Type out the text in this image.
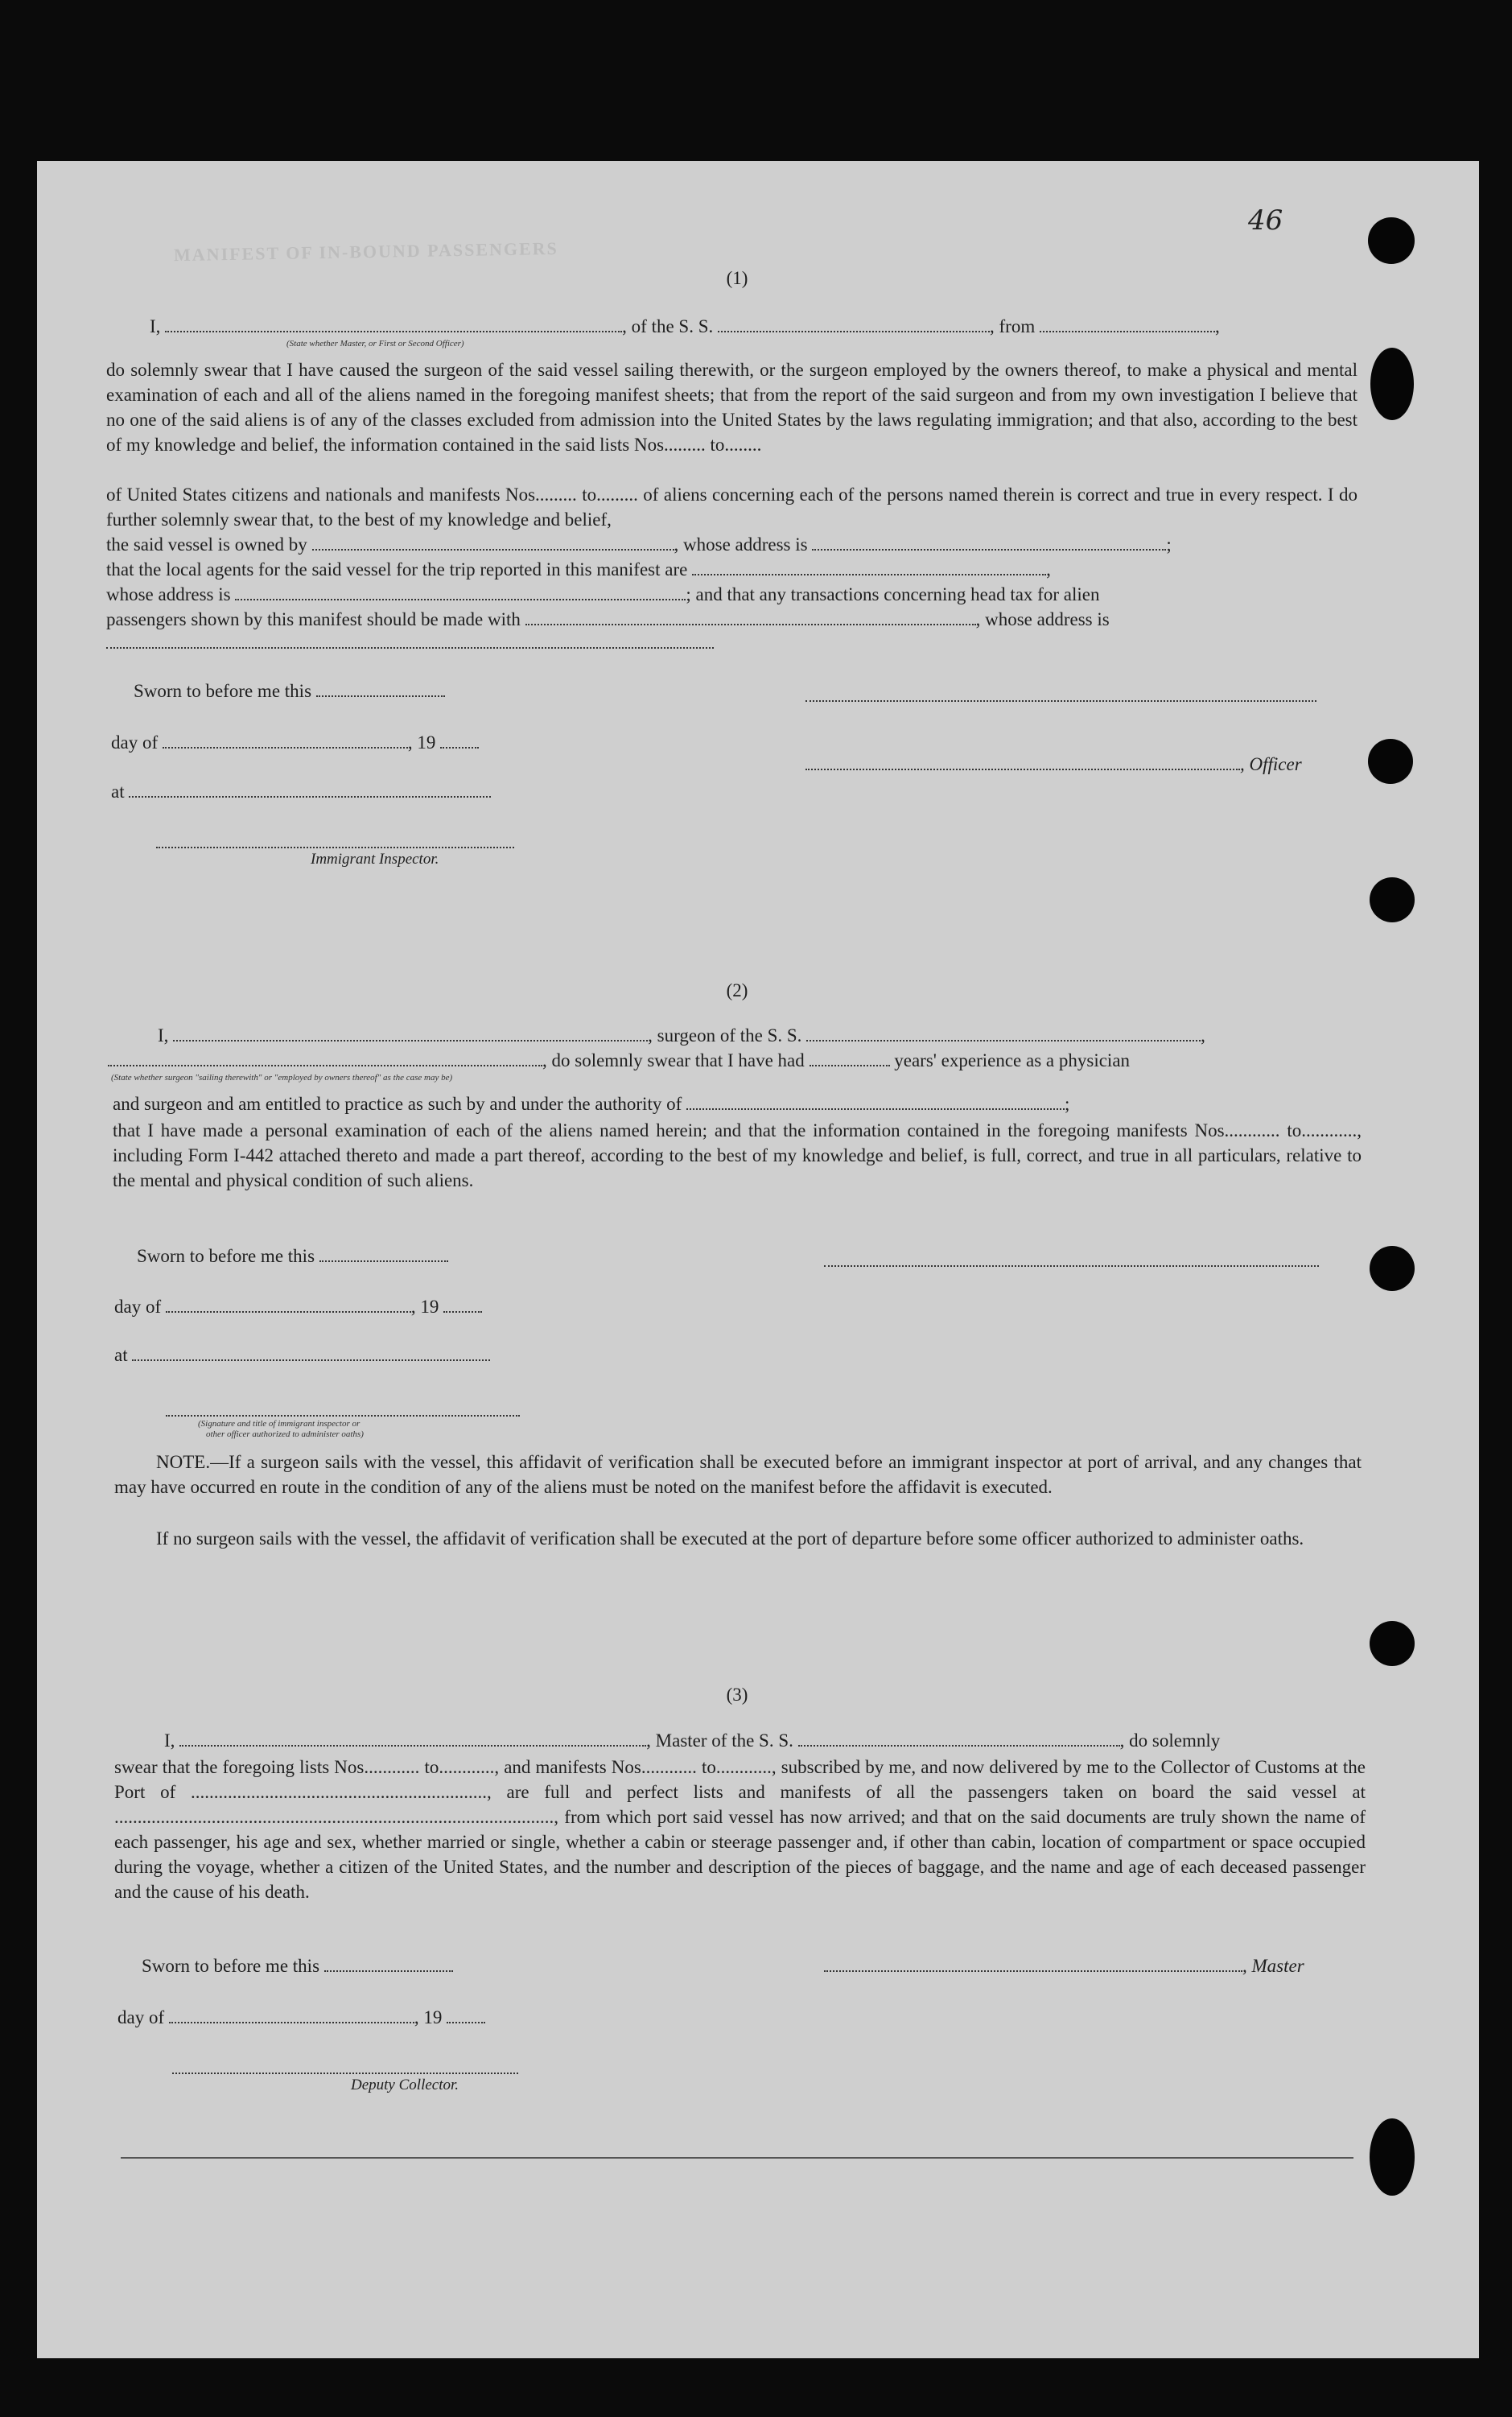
MANIFEST OF IN-BOUND PASSENGERS
46
(1)
I,	, of the S. S.	, from	,
(State whether Master, or First or Second Officer)
do solemnly swear that I have caused the surgeon of the said vessel sailing therewith, or the surgeon employed by the owners thereof, to make a physical and mental examination of each and all of the aliens named in the foregoing manifest sheets; that from the report of the said surgeon and from my own investigation I believe that no one of the said aliens is of any of the classes excluded from admission into the United States by the laws regulating immigration; and that also, according to the best of my knowledge and belief, the information contained in the said lists Nos......... to........
of United States citizens and nationals and manifests Nos......... to......... of aliens concerning each of the persons named therein is correct and true in every respect. I do further solemnly swear that, to the best of my knowledge and belief,
the said vessel is owned by	, whose address is	;
that the local agents for the said vessel for the trip reported in this manifest are	,
whose address is	; and that any transactions concerning head tax for alien
passengers shown by this manifest should be made with	, whose address is
Sworn to before me this
day of	, 19
, Officer
at
Immigrant Inspector.
(2)
I,	, surgeon of the S. S.	,
, do solemnly swear that I have had	years' experience as a physician
(State whether surgeon "sailing therewith" or "employed by owners thereof" as the case may be)
and surgeon and am entitled to practice as such by and under the authority of	;
that I have made a personal examination of each of the aliens named herein; and that the information contained in the foregoing manifests Nos............ to............, including Form I-442 attached thereto and made a part thereof, according to the best of my knowledge and belief, is full, correct, and true in all particulars, relative to the mental and physical condition of such aliens.
Sworn to before me this
day of	, 19
at
(Signature and title of immigrant inspector or
other officer authorized to administer oaths)
NOTE.—If a surgeon sails with the vessel, this affidavit of verification shall be executed before an immigrant inspector at port of arrival, and any changes that may have occurred en route in the condition of any of the aliens must be noted on the manifest before the affidavit is executed.
If no surgeon sails with the vessel, the affidavit of verification shall be executed at the port of departure before some officer authorized to administer oaths.
(3)
I,	, Master of the S. S.	, do solemnly
swear that the foregoing lists Nos............ to............, and manifests Nos............ to............, subscribed by me, and now delivered by me to the Collector of Customs at the Port of ................................................................, are full and perfect lists and manifests of all the passengers taken on board the said vessel at ..............................................................................................., from which port said vessel has now arrived; and that on the said documents are truly shown the name of each passenger, his age and sex, whether married or single, whether a cabin or steerage passenger and, if other than cabin, location of compartment or space occupied during the voyage, whether a citizen of the United States, and the number and description of the pieces of baggage, and the name and age of each deceased passenger and the cause of his death.
Sworn to before me this	, Master
day of	, 19
Deputy Collector.
